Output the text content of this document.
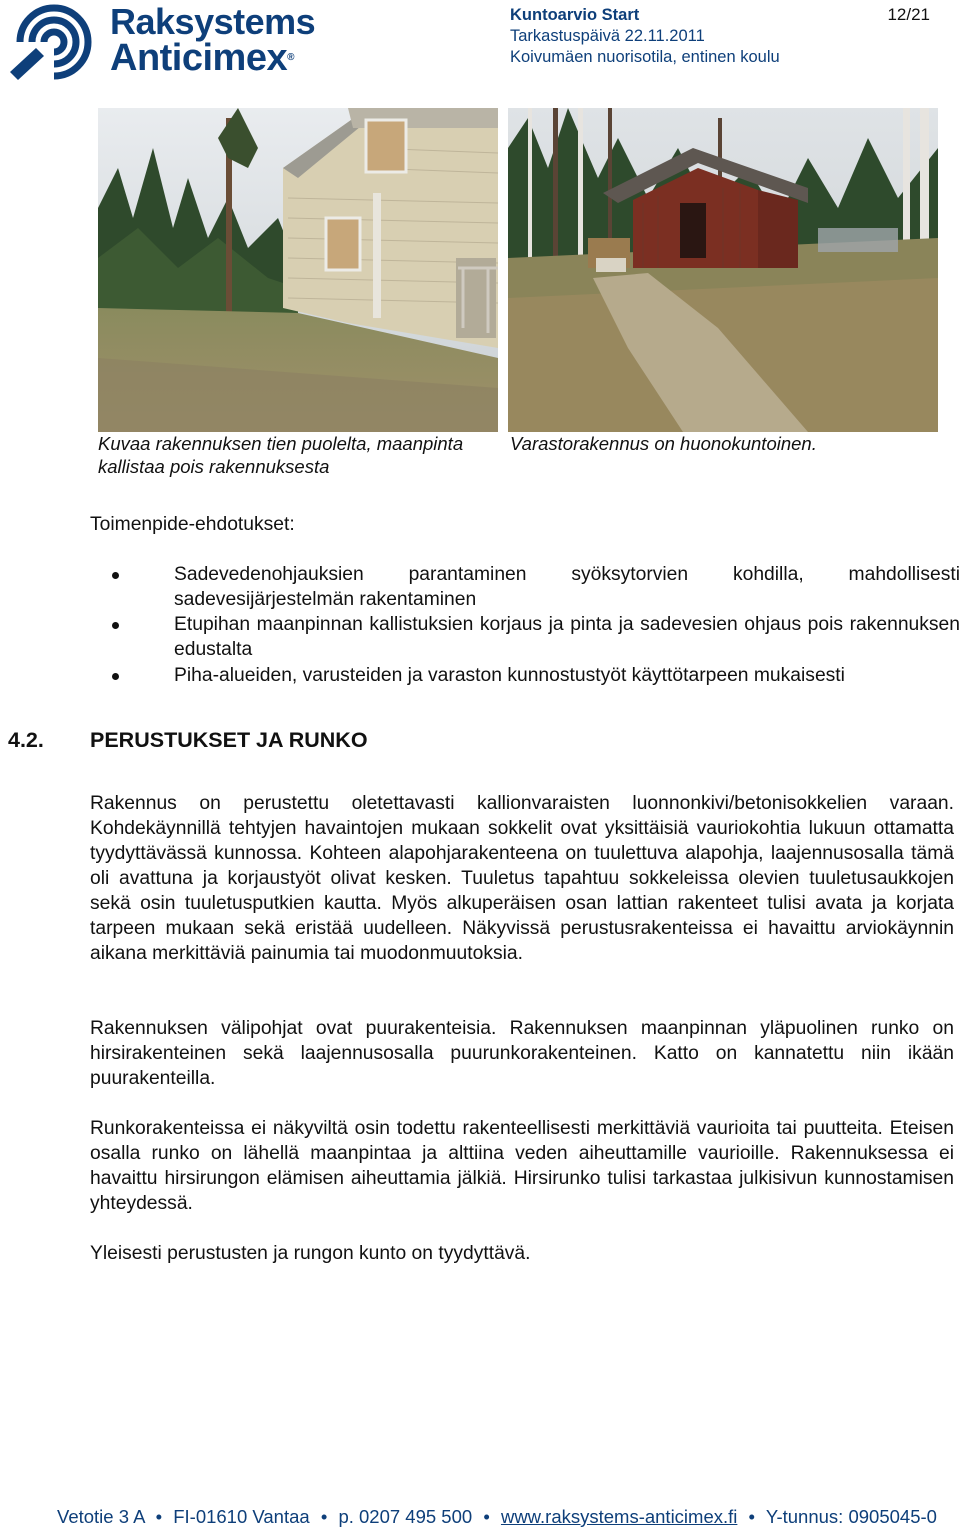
Raksystems
Anticimex®
Kuntoarvio Start
Tarkastuspäivä 22.11.2011
Koivumäen nuorisotila, entinen koulu
12/21
Kuvaa rakennuksen tien puolelta, maanpinta kallistaa pois rakennuksesta
Varastorakennus on huonokuntoinen.
Toimenpide-ehdotukset:
Sadevedenohjauksien parantaminen syöksytorvien kohdilla, mahdollisesti sadevesijärjestelmän rakentaminen
Etupihan maanpinnan kallistuksien korjaus ja pinta ja sadevesien ohjaus pois rakennuksen edustalta
Piha-alueiden, varusteiden ja varaston kunnostustyöt käyttötarpeen mukaisesti
4.2. PERUSTUKSET JA RUNKO
Rakennus on perustettu oletettavasti kallionvaraisten luonnonkivi/betonisokkelien varaan. Kohdekäynnillä tehtyjen havaintojen mukaan sokkelit ovat yksittäisiä vauriokohtia lukuun ottamatta tyydyttävässä kunnossa. Kohteen alapohjarakenteena on tuulettuva alapohja, laajennusosalla tämä oli avattuna ja korjaustyöt olivat kesken. Tuuletus tapahtuu sokkeleissa olevien tuuletusaukkojen sekä osin tuuletusputkien kautta. Myös alkuperäisen osan lattian rakenteet tulisi avata ja korjata tarpeen mukaan sekä eristää uudelleen. Näkyvissä perustusrakenteissa ei havaittu arviokäynnin aikana merkittäviä painumia tai muodonmuutoksia.
Rakennuksen välipohjat ovat puurakenteisia. Rakennuksen maanpinnan yläpuolinen runko on hirsirakenteinen sekä laajennusosalla puurunkorakenteinen. Katto on kannatettu niin ikään puurakenteilla.
Runkorakenteissa ei näkyviltä osin todettu rakenteellisesti merkittäviä vaurioita tai puutteita. Eteisen osalla runko on lähellä maanpintaa ja alttiina veden aiheuttamille vaurioille. Rakennuksessa ei havaittu hirsirungon elämisen aiheuttamia jälkiä. Hirsirunko tulisi tarkastaa julkisivun kunnostamisen yhteydessä.
Yleisesti perustusten ja rungon kunto on tyydyttävä.
Vetotie 3 A • FI-01610 Vantaa • p. 0207 495 500 • www.raksystems-anticimex.fi • Y-tunnus: 0905045-0
